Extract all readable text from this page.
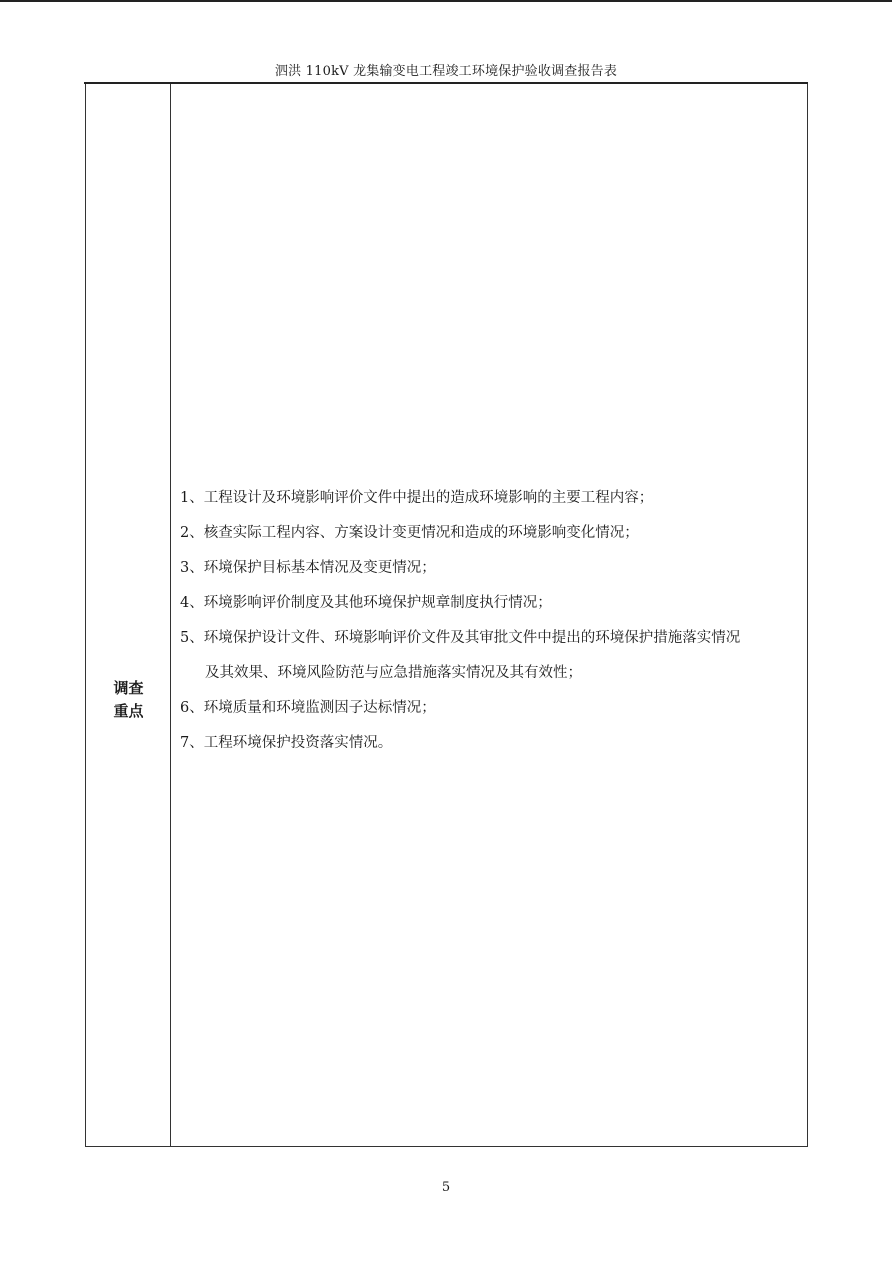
泗洪 110kV 龙集输变电工程竣工环境保护验收调查报告表
调查
重点
1、工程设计及环境影响评价文件中提出的造成环境影响的主要工程内容；
2、核查实际工程内容、方案设计变更情况和造成的环境影响变化情况；
3、环境保护目标基本情况及变更情况；
4、环境影响评价制度及其他环境保护规章制度执行情况；
5、环境保护设计文件、环境影响评价文件及其审批文件中提出的环境保护措施落实情况
及其效果、环境风险防范与应急措施落实情况及其有效性；
6、环境质量和环境监测因子达标情况；
7、工程环境保护投资落实情况。
5
